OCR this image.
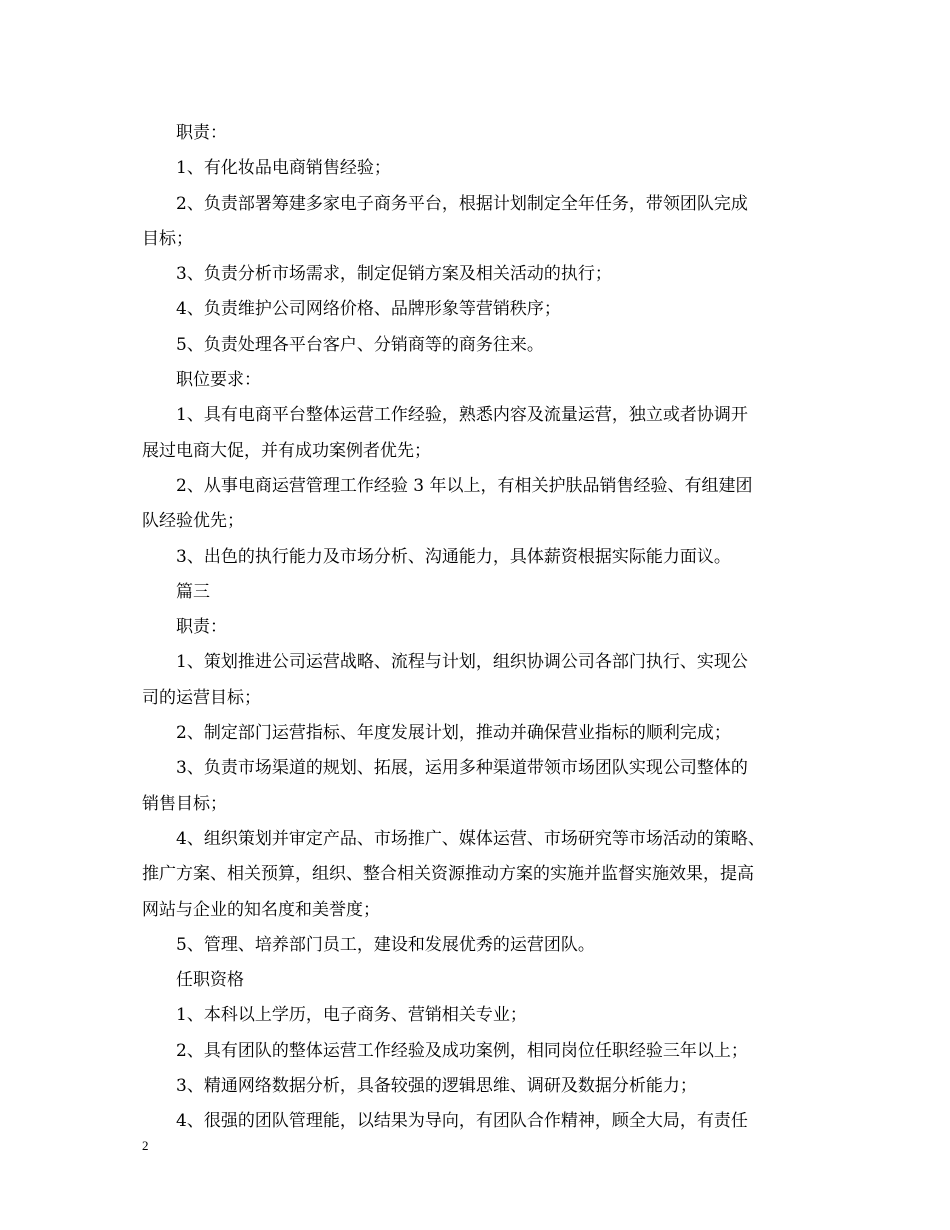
职责：
1、有化妆品电商销售经验；
2、负责部署筹建多家电子商务平台，根据计划制定全年任务，带领团队完成
目标；
3、负责分析市场需求，制定促销方案及相关活动的执行；
4、负责维护公司网络价格、品牌形象等营销秩序；
5、负责处理各平台客户、分销商等的商务往来。
职位要求：
1、具有电商平台整体运营工作经验，熟悉内容及流量运营，独立或者协调开
展过电商大促，并有成功案例者优先；
2、从事电商运营管理工作经验 3 年以上，有相关护肤品销售经验、有组建团
队经验优先；
3、出色的执行能力及市场分析、沟通能力，具体薪资根据实际能力面议。
篇三
职责：
1、策划推进公司运营战略、流程与计划，组织协调公司各部门执行、实现公
司的运营目标；
2、制定部门运营指标、年度发展计划，推动并确保营业指标的顺利完成；
3、负责市场渠道的规划、拓展，运用多种渠道带领市场团队实现公司整体的
销售目标；
4、组织策划并审定产品、市场推广、媒体运营、市场研究等市场活动的策略、
推广方案、相关预算，组织、整合相关资源推动方案的实施并监督实施效果，提高
网站与企业的知名度和美誉度；
5、管理、培养部门员工，建设和发展优秀的运营团队。
任职资格
1、本科以上学历，电子商务、营销相关专业；
2、具有团队的整体运营工作经验及成功案例，相同岗位任职经验三年以上；
3、精通网络数据分析，具备较强的逻辑思维、调研及数据分析能力；
4、很强的团队管理能，以结果为导向，有团队合作精神，顾全大局，有责任
2
